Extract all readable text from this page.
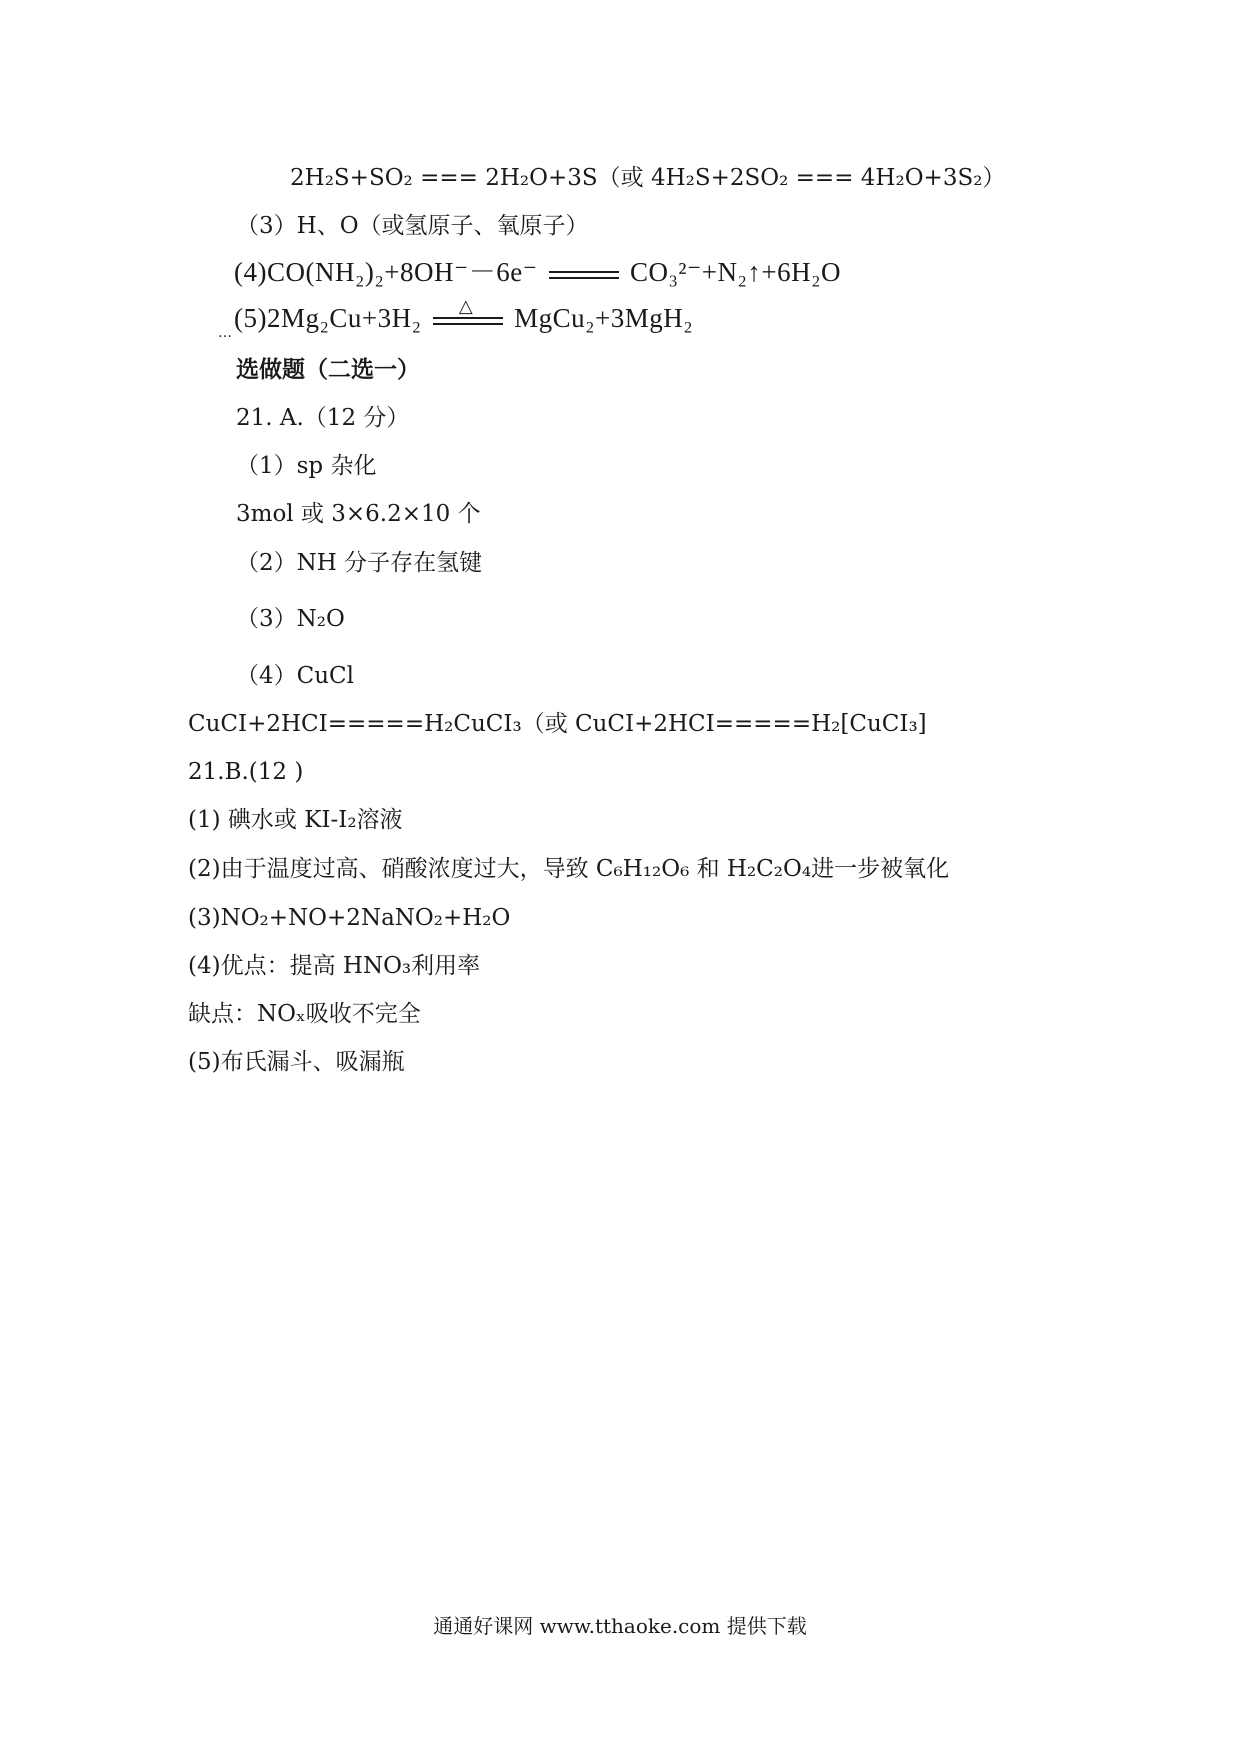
2H₂S+SO₂ === 2H₂O+3S（或 4H₂S+2SO₂ === 4H₂O+3S₂）
（3）H、O（或氢原子、氧原子）
(4)CO(NH₂)₂+8OH⁻－6e⁻	CO₃²⁻+N₂↑+6H₂O
(5)2Mg₂Cu+3H₂ △ MgCu₂+3MgH₂
…
选做题（二选一）
21. A.（12 分）
（1）sp 杂化
3mol 或 3×6.2×10 个
（2）NH 分子存在氢键
（3）N₂O
（4）CuCl
CuCI+2HCI=====H₂CuCI₃（或 CuCI+2HCI=====H₂[CuCI₃]
21.B.(12 )
(1) 碘水或 KI-I₂溶液
(2)由于温度过高、硝酸浓度过大，导致 C₆H₁₂O₆ 和 H₂C₂O₄进一步被氧化
(3)NO₂+NO+2NaNO₂+H₂O
(4)优点：提高 HNO₃利用率
缺点：NOₓ吸收不完全
(5)布氏漏斗、吸漏瓶
通通好课网 www.tthaoke.com 提供下载
